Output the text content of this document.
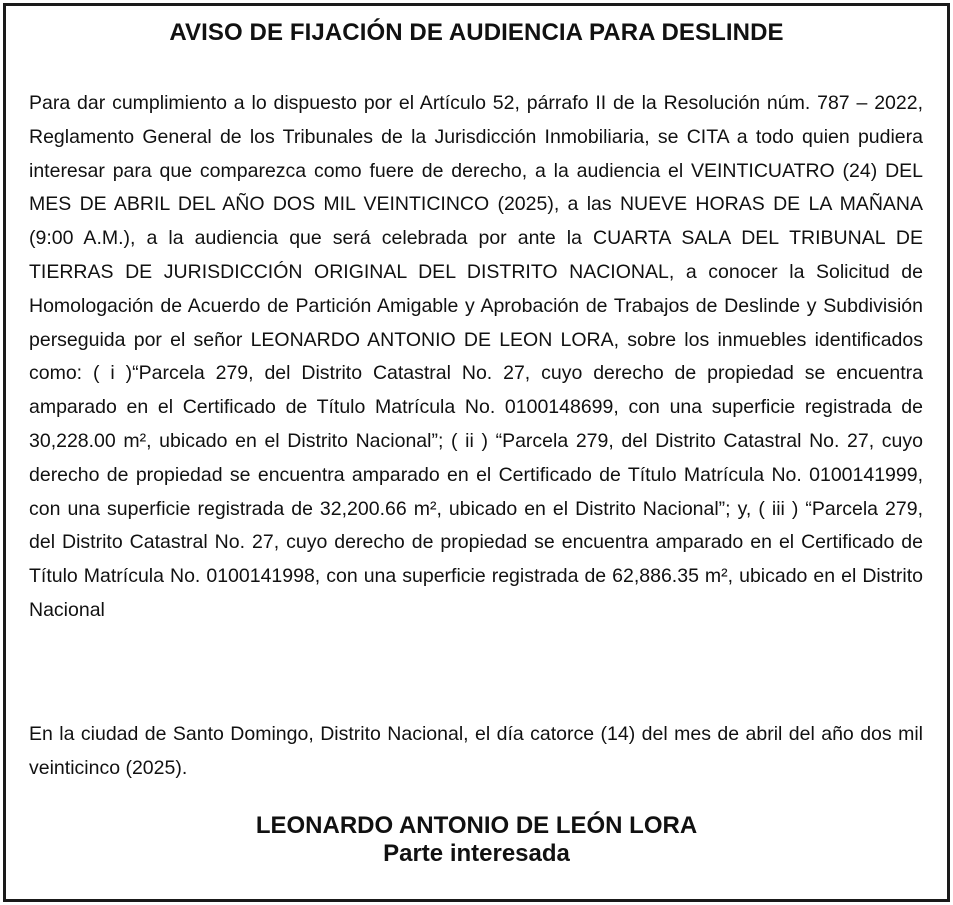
AVISO DE FIJACIÓN DE AUDIENCIA PARA DESLINDE

Para dar cumplimiento a lo dispuesto por el Artículo 52, párrafo II de la Resolución núm. 787 – 2022, Reglamento General de los Tribunales de la Jurisdicción Inmobiliaria, se CITA a todo quien pudiera interesar para que comparezca como fuere de derecho, a la audiencia el VEINTICUATRO (24) DEL MES DE ABRIL DEL AÑO DOS MIL VEINTICINCO (2025), a las NUEVE HORAS DE LA MAÑANA (9:00 A.M.), a la audiencia que será celebrada por ante la CUARTA SALA DEL TRIBUNAL DE TIERRAS DE JURISDICCIÓN ORIGINAL DEL DISTRITO NACIONAL, a conocer la Solicitud de Homologación de Acuerdo de Partición Amigable y Aprobación de Trabajos de Deslinde y Subdivisión perseguida por el señor LEONARDO ANTONIO DE LEON LORA, sobre los inmuebles identificados como: ( i )“Parcela 279, del Distrito Catastral No. 27, cuyo derecho de propiedad se encuentra amparado en el Certificado de Título Matrícula No. 0100148699, con una superficie registrada de 30,228.00 m², ubicado en el Distrito Nacional”; ( ii ) “Parcela 279, del Distrito Catastral No. 27, cuyo derecho de propiedad se encuentra amparado en el Certificado de Título Matrícula No. 0100141999, con una superficie registrada de 32,200.66 m², ubicado en el Distrito Nacional”; y, ( iii ) “Parcela 279, del Distrito Catastral No. 27, cuyo derecho de propiedad se encuentra amparado en el Certificado de Título Matrícula No. 0100141998, con una superficie registrada de 62,886.35 m², ubicado en el Distrito Nacional

En la ciudad de Santo Domingo, Distrito Nacional, el día catorce (14) del mes de abril del año dos mil veinticinco (2025).

LEONARDO ANTONIO DE LEÓN LORA
Parte interesada
